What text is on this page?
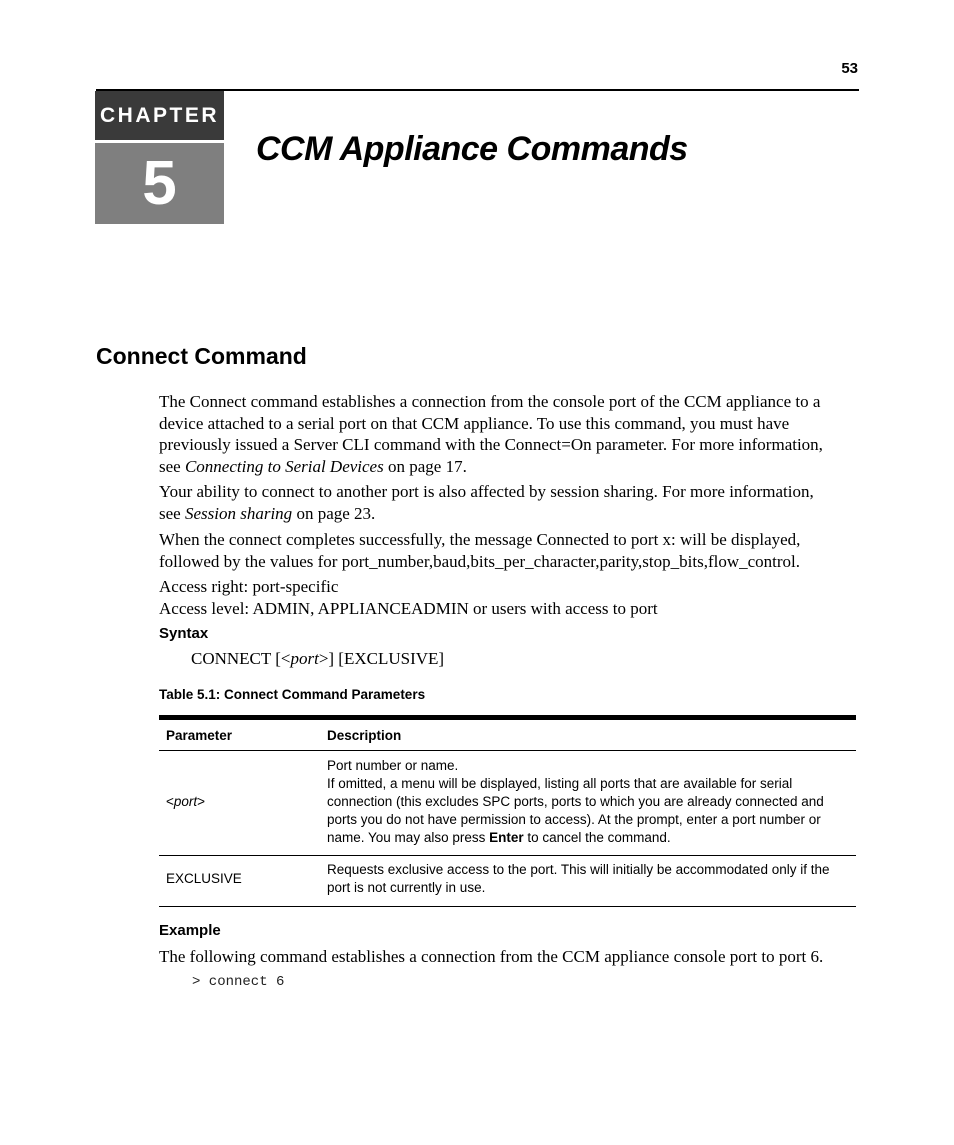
53
CHAPTER
5	CCM Appliance Commands
Connect Command
The Connect command establishes a connection from the console port of the CCM appliance to a
device attached to a serial port on that CCM appliance. To use this command, you must have
previously issued a Server CLI command with the Connect=On parameter. For more information,
see Connecting to Serial Devices on page 17.
Your ability to connect to another port is also affected by session sharing. For more information,
see Session sharing on page 23.
When the connect completes successfully, the message Connected to port x: will be displayed,
followed by the values for port_number,baud,bits_per_character,parity,stop_bits,flow_control.
Access right: port-specific
Access level: ADMIN, APPLIANCEADMIN or users with access to port
Syntax
CONNECT [<port>] [EXCLUSIVE]
Table 5.1: Connect Command Parameters
Parameter	Description
<port>	Port number or name.
If omitted, a menu will be displayed, listing all ports that are available for serial
connection (this excludes SPC ports, ports to which you are already connected and
ports you do not have permission to access). At the prompt, enter a port number or
name. You may also press Enter to cancel the command.

EXCLUSIVE	Requests exclusive access to the port. This will initially be accommodated only if the
port is not currently in use.
Example
The following command establishes a connection from the CCM appliance console port to port 6.
> connect 6
